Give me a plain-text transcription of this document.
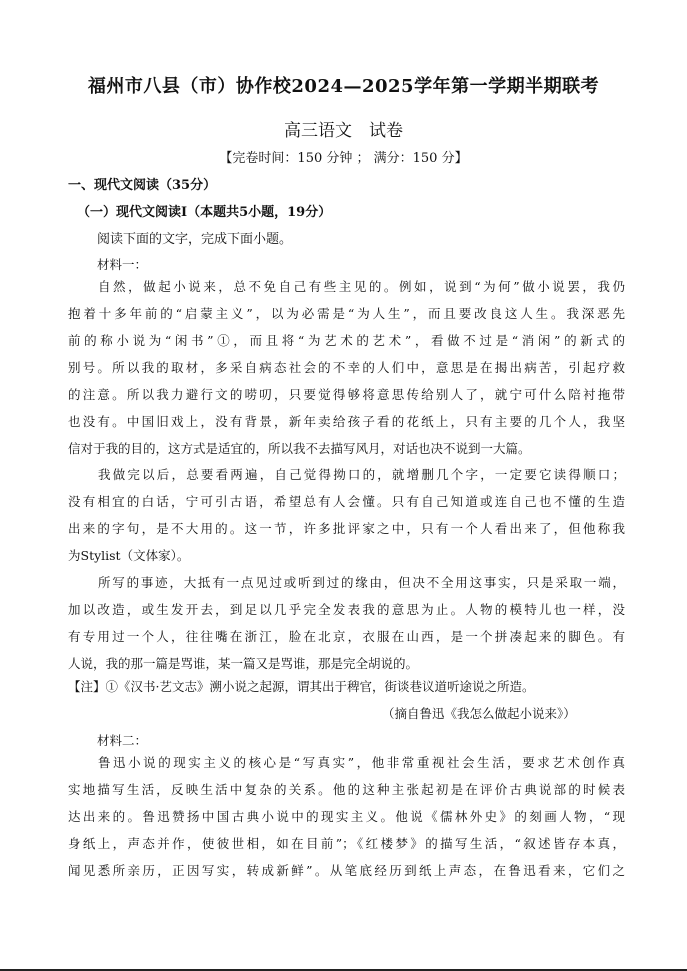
福州市八县（市）协作校2024—2025学年第一学期半期联考
高三语文　试卷
【完卷时间：150 分钟 ； 满分：150 分】
一、现代文阅读（35分）
（一）现代文阅读Ⅰ（本题共5小题，19分）
阅读下面的文字，完成下面小题。
材料一：
自然，做起小说来，总不免自己有些主见的。例如，说到“为何”做小说罢，我仍
抱着十多年前的“启蒙主义”，以为必需是“为人生”，而且要改良这人生。我深恶先
前的称小说为“闲书”①，而且将“为艺术的艺术”，看做不过是“消闲”的新式的
别号。所以我的取材，多采自病态社会的不幸的人们中，意思是在揭出病苦，引起疗救
的注意。所以我力避行文的唠叨，只要觉得够将意思传给别人了，就宁可什么陪衬拖带
也没有。中国旧戏上，没有背景，新年卖给孩子看的花纸上，只有主要的几个人，我坚
信对于我的目的，这方式是适宜的，所以我不去描写风月，对话也决不说到一大篇。
我做完以后，总要看两遍，自己觉得拗口的，就增删几个字，一定要它读得顺口；
没有相宜的白话，宁可引古语，希望总有人会懂。只有自己知道或连自己也不懂的生造
出来的字句，是不大用的。这一节，许多批评家之中，只有一个人看出来了，但他称我
为Stylist（文体家）。
所写的事迹，大抵有一点见过或听到过的缘由，但决不全用这事实，只是采取一端，
加以改造，或生发开去，到足以几乎完全发表我的意思为止。人物的模特儿也一样，没
有专用过一个人，往往嘴在浙江，脸在北京，衣服在山西，是一个拼凑起来的脚色。有
人说，我的那一篇是骂谁，某一篇又是骂谁，那是完全胡说的。
【注】①《汉书·艺文志》溯小说之起源，谓其出于稗官，街谈巷议道听途说之所造。
（摘自鲁迅《我怎么做起小说来》）
材料二：
鲁迅小说的现实主义的核心是“写真实”，他非常重视社会生活，要求艺术创作真
实地描写生活，反映生活中复杂的关系。他的这种主张起初是在评价古典说部的时候表
达出来的。鲁迅赞扬中国古典小说中的现实主义。他说《儒林外史》的刻画人物，“现
身纸上，声态并作，使彼世相，如在目前”；《红楼梦》的描写生活，“叙述皆存本真，
闻见悉所亲历，正因写实，转成新鲜”。从笔底经历到纸上声态，在鲁迅看来，它们之
